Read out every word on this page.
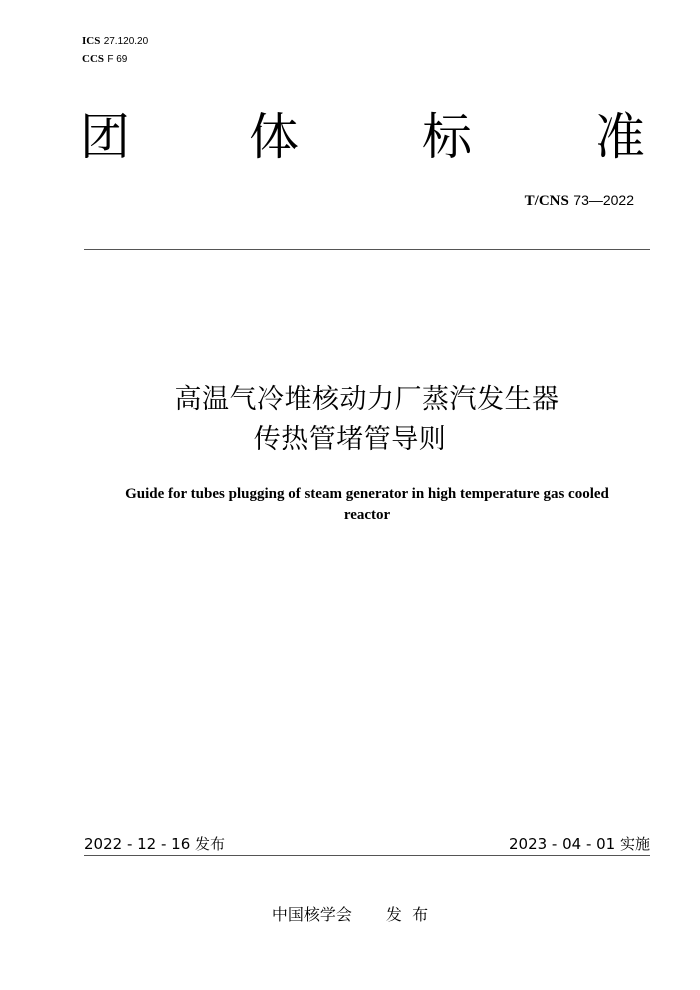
ICS 27.120.20
CCS F 69
团 体 标 准
T/CNS 73—2022
高温气冷堆核动力厂蒸汽发生器
传热管堵管导则
Guide for tubes plugging of steam generator in high temperature gas cooled
reactor
2022 - 12 - 16 发布	2023 - 04 - 01 实施
中国核学会 发  布
